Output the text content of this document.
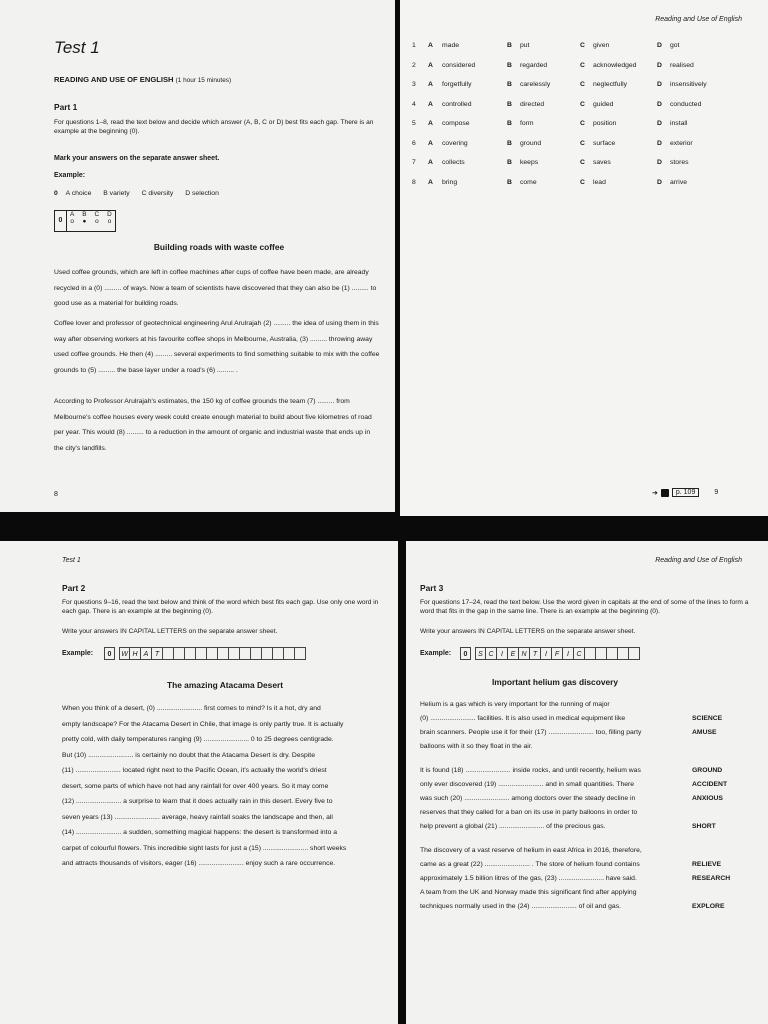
Test 1
READING AND USE OF ENGLISH (1 hour 15 minutes)
Part 1
For questions 1–8, read the text below and decide which answer (A, B, C or D) best fits each gap. There is an example at the beginning (0).
Mark your answers on the separate answer sheet.
Example:
0 A choice B variety C diversity D selection
0
A
o
B
●
C
o
D
o
Building roads with waste coffee
Used coffee grounds, which are left in coffee machines after cups of coffee have been made, are already recycled in a (0) ......... of ways. Now a team of scientists have discovered that they can also be (1) ......... to good use as a material for building roads.
Coffee lover and professor of geotechnical engineering Arul Arulrajah (2) ......... the idea of using them in this way after observing workers at his favourite coffee shops in Melbourne, Australia, (3) ......... throwing away used coffee grounds. He then (4) ......... several experiments to find something suitable to mix with the coffee grounds to (5) ......... the base layer under a road's (6) ......... .
According to Professor Arulrajah's estimates, the 150 kg of coffee grounds the team (7) ......... from Melbourne's coffee houses every week could create enough material to build about five kilometres of road per year. This would (8) ......... to a reduction in the amount of organic and industrial waste that ends up in the city's landfills.
8
Reading and Use of English
1 A made	B put	C given	D got
2 A considered	B regarded	C acknowledged	D realised
3 A forgetfully	B carelessly	C neglectfully	D insensitively
4 A controlled	B directed	C guided	D conducted
5 A compose	B form	C position	D install
6 A covering	B ground	C surface	D exterior
7 A collects	B keeps	C saves	D stores
8 A bring	B come	C lead	D arrive
➜	p. 109	9
Test 1
Part 2
For questions 9–16, read the text below and think of the word which best fits each gap. Use only one word in each gap. There is an example at the beginning (0).
Write your answers IN CAPITAL LETTERS on the separate answer sheet.
Example:	0	W H A T
The amazing Atacama Desert
When you think of a desert, (0) ........................ first comes to mind? Is it a hot, dry and
empty landscape? For the Atacama Desert in Chile, that image is only partly true. It is actually
pretty cold, with daily temperatures ranging (9) ........................ 0 to 25 degrees centigrade.
But (10) ........................ is certainly no doubt that the Atacama Desert is dry. Despite
(11) ........................ located right next to the Pacific Ocean, it's actually the world's driest
desert, some parts of which have not had any rainfall for over 400 years. So it may come
(12) ........................ a surprise to learn that it does actually rain in this desert. Every five to
seven years (13) ........................ average, heavy rainfall soaks the landscape and then, all
(14) ........................ a sudden, something magical happens: the desert is transformed into a
carpet of colourful flowers. This incredible sight lasts for just a (15) ........................ short weeks
and attracts thousands of visitors, eager (16) ........................ enjoy such a rare occurrence.
Reading and Use of English
Part 3
For questions 17–24, read the text below. Use the word given in capitals at the end of some of the lines to form a word that fits in the gap in the same line. There is an example at the beginning (0).
Write your answers IN CAPITAL LETTERS on the separate answer sheet.
Example:	0	S C	I	E N T	I	F	I	C
Important helium gas discovery
Helium is a gas which is very important for the running of major
(0) ........................ facilities. It is also used in medical equipment like	SCIENCE
brain scanners. People use it for their (17) ........................ too, filling party	AMUSE
balloons with it so they float in the air.
It is found (18) ........................ inside rocks, and until recently, helium was	GROUND
only ever discovered (19) ........................ and in small quantities. There	ACCIDENT
was such (20) ........................ among doctors over the steady decline in	ANXIOUS
reserves that they called for a ban on its use in party balloons in order to
help prevent a global (21) ........................ of the precious gas.	SHORT
The discovery of a vast reserve of helium in east Africa in 2016, therefore,
came as a great (22) ........................ . The store of helium found contains	RELIEVE
approximately 1.5 billion litres of the gas, (23) ........................ have said.	RESEARCH
A team from the UK and Norway made this significant find after applying
techniques normally used in the (24) ........................ of oil and gas.	EXPLORE
